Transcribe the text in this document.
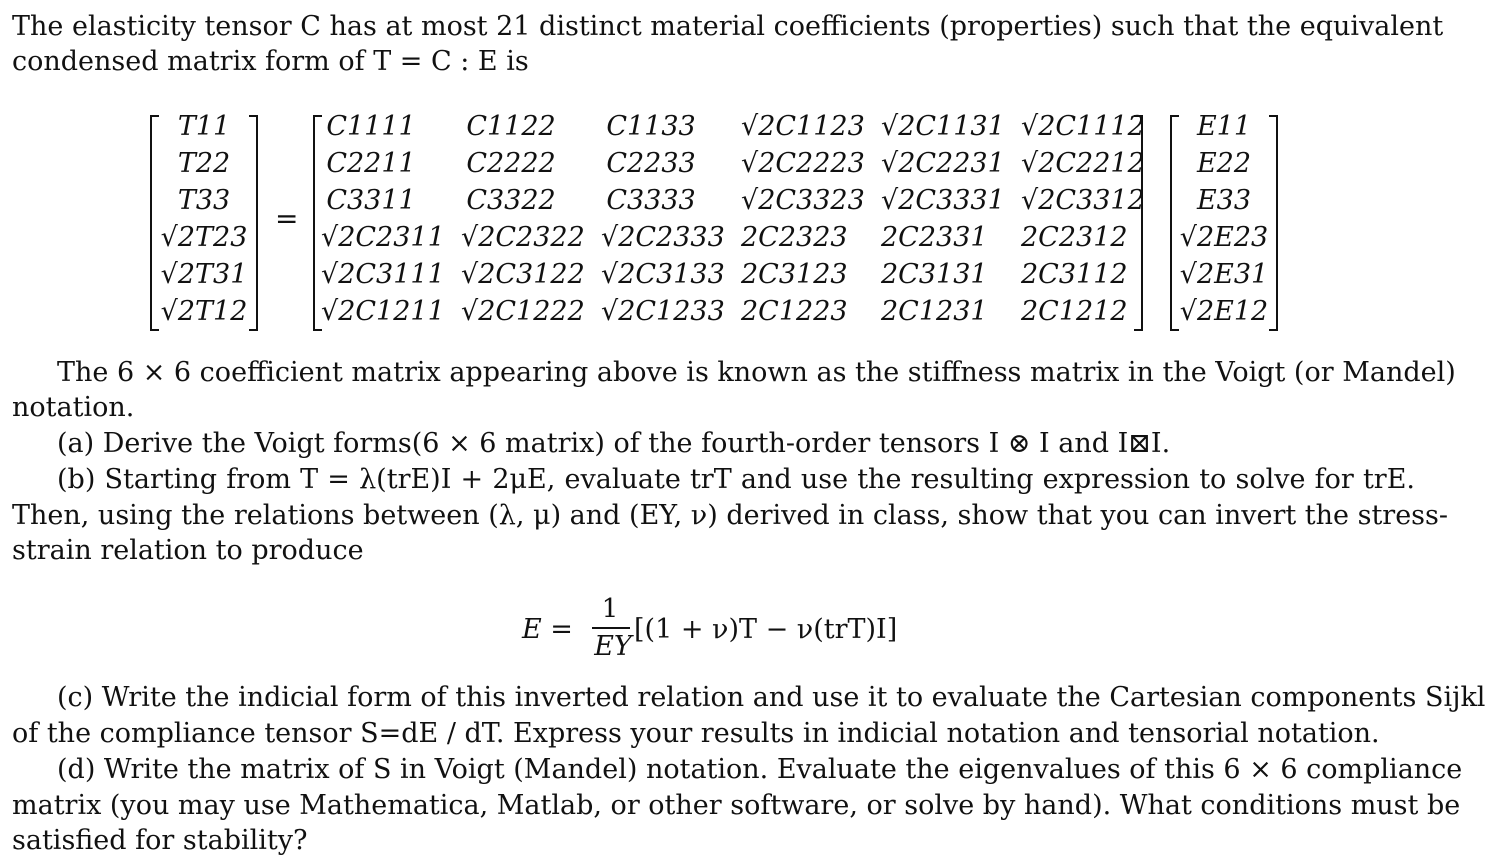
The elasticity tensor C has at most 21 distinct material coefficients (properties) such that the equivalent
condensed matrix form of T = C : E is
T11
T22
T33
√2T23
√2T31
√2T12
=
C1111 C1122 C1133 √2C1123 √2C1131 √2C1112
C2211 C2222 C2233 √2C2223 √2C2231 √2C2212
C3311 C3322 C3333 √2C3323 √2C3331 √2C3312
√2C2311 √2C2322 √2C2333 2C2323 2C2331 2C2312
√2C3111 √2C3122 √2C3133 2C3123 2C3131 2C3112
√2C1211 √2C1222 √2C1233 2C1223 2C1231 2C1212
E11
E22
E33
√2E23
√2E31
√2E12
The 6 × 6 coefficient matrix appearing above is known as the stiffness matrix in the Voigt (or Mandel)
notation.
(a) Derive the Voigt forms(6 × 6 matrix) of the fourth-order tensors I ⊗ I and I⊠I.
(b) Starting from T = λ(trE)I + 2μE, evaluate trT and use the resulting expression to solve for trE.
Then, using the relations between (λ, μ) and (EY, ν) derived in class, show that you can invert the stress-
strain relation to produce
E =
1
EY
[(1 + ν)T − ν(trT)I]
(c) Write the indicial form of this inverted relation and use it to evaluate the Cartesian components Sijkl
of the compliance tensor S=dE / dT. Express your results in indicial notation and tensorial notation.
(d) Write the matrix of S in Voigt (Mandel) notation. Evaluate the eigenvalues of this 6 × 6 compliance
matrix (you may use Mathematica, Matlab, or other software, or solve by hand). What conditions must be
satisfied for stability?
